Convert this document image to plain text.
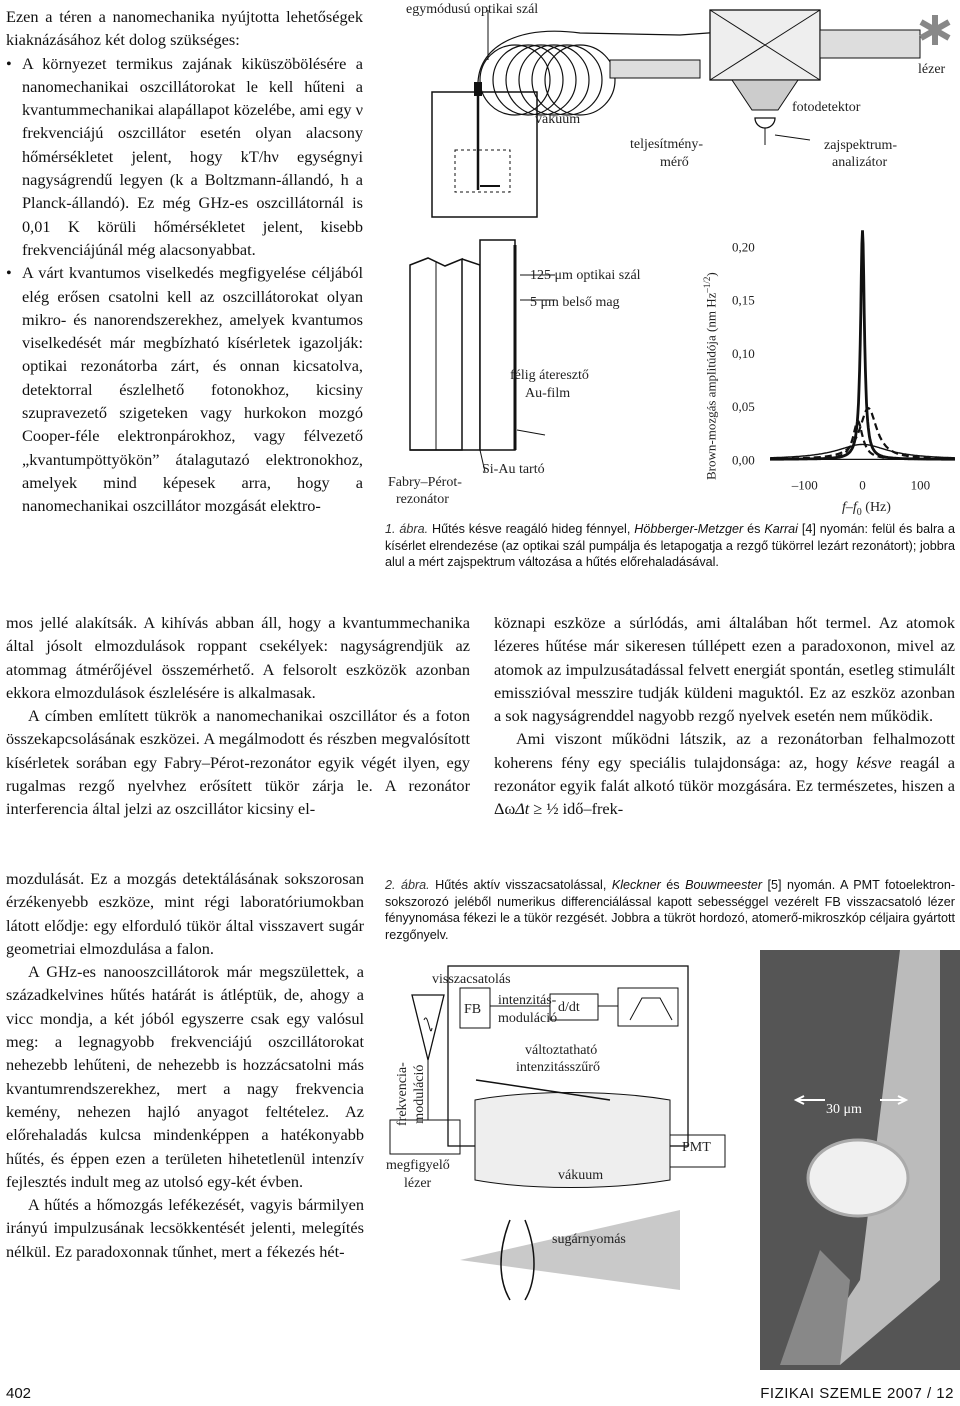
Ezen a téren a nanomechanika nyújtotta lehetőségek kiaknázásához két dolog szükséges:

• A környezet termikus zajának kiküszöbölésére a nanomechanikai oszcillátorokat le kell hűteni a kvantummechanikai alapállapot közelébe, ami egy ν frekvenciájú oszcillátor esetén olyan alacsony hőmérsékletet jelent, hogy kT/hν egységnyi nagyságrendű legyen (k a Boltzmann-állandó, h a Planck-állandó). Ez még GHz-es oszcillátornál is 0,01 K körüli hőmérsékletet jelent, kisebb frekvenciájúnál még alacsonyabbat.

• A várt kvantumos viselkedés megfigyelése céljából elég erősen csatolni kell az oszcillátorokat olyan mikro- és nanorendszerekhez, amelyek kvantumos viselkedését már megbízható kísérletek igazolják: optikai rezonátorba zárt, és onnan kicsatolva, detektorral észlelhető fotonokhoz, kicsiny szupravezető szigeteken vagy hurkokon mozgó Cooper-féle elektronpárokhoz, vagy félvezető „kvantumpöttyökön” átalagutazó elektronokhoz, amelyek mind képesek arra, hogy a nanomechanikai oszcillátor mozgását elektro-

mos jellé alakítsák. A kihívás abban áll, hogy a kvantummechanika által jósolt elmozdulások roppant csekélyek: nagyságrendjük az atommag átmérőjével összemérhető. A felsorolt eszközök azonban ekkora elmozdulások észlelésére is alkalmasak.

A címben említett tükrök a nanomechanikai oszcillátor és a foton összekapcsolásának eszközei. A megálmodott és részben megvalósított kísérletek sorában egy Fabry–Pérot-rezonátor egyik végét ilyen, egy rugalmas rezgő nyelvhez erősített tükör zárja le. A rezonátor interferencia által jelzi az oszcillátor kicsiny el-

mozdulását. Ez a mozgás detektálásának sokszorosan érzékenyebb eszköze, mint régi laboratóriumokban látott elődje: egy elforduló tükör által visszavert sugár geometriai elmozdulása a falon.

A GHz-es nanooszcillátorok már megszülettek, a századkelvines hűtés határát is átléptük, de, ahogy a vicc mondja, a két jóból egyszerre csak egy valósul meg: a legnagyobb frekvenciájú oszcillátorokat nehezebb lehűteni, de nehezebb is hozzácsatolni más kvantumrendszerekhez, mert a nagy frekvencia kemény, nehezen hajló anyagot feltételez. Az előrehaladás kulcsa mindenképpen a hatékonyabb hűtés, és éppen ezen a területen hihetetlenül intenzív fejlesztés indult meg az utolsó egy-két évben.

A hűtés a hőmozgás lefékezését, vagyis bármilyen irányú impulzusának lecsökkentését jelenti, melegítés nélkül. Ez paradoxonnak tűnhet, mert a fékezés hét-

köznapi eszköze a súrlódás, ami általában hőt termel. Az atomok lézeres hűtése már sikeresen túllépett ezen a paradoxonon, mivel az atomok az impulzusátadással felvett energiát spontán, esetleg stimulált emisszióval messzire tudják küldeni maguktól. Ez az eszköz azonban a sok nagyságrenddel nagyobb rezgő nyelvek esetén nem működik.

Ami viszont működni látszik, az a rezonátorban felhalmozott koherens fény egy speciális tulajdonsága: az, hogy késve reagál a rezonátor egyik falát alkotó tükör mozgására. Ez természetes, hiszen a ΔωΔt ≥ ½ idő–frek-

egymódusú optikai szál
vákuum
teljesítmény-
mérő
fotodetektor
lézer
zajspektrum-
analizátor
125 μm optikai szál
5 μm belső mag
félig áteresztő
Au-film
Si-Au tartó
Fabry–Pérot-
rezonátor
0,20
0,15
0,10
0,05
0,00
–100	0	100
Brown-mozgás amplitúdója (nm $Hz^{-1/2}$)
$f-f_0$ (Hz)
1. ábra. Hűtés késve reagáló hideg fénnyel, Höbberger-Metzger és Karrai [4] nyomán: felül és balra a kísérlet elrendezése (az optikai szál pumpálja és letapogatja a rezgő tükörrel lezárt rezonátort); jobbra alul a mért zajspektrum változása a hűtés előrehaladásával.
2. ábra. Hűtés aktív visszacsatolással, Kleckner és Bouwmeester [5] nyomán. A PMT fotoelektron-sokszorozó jeléből numerikus differenciálással kapott sebességgel vezérelt FB visszacsatoló lézer fényynomása fékezi le a tükör rezgését. Jobbra a tükröt hordozó, atomerő-mikroszkóp céljaira gyártott rezgőnyelv.
visszacsatolás
FB
intenzitás-
moduláció
d/dt
változtatható
intenzitásszűrő
frekvencia- moduláció
PMT
vákuum
megfigyelő
lézer
sugárnyomás
30 μm
402	FIZIKAI SZEMLE 2007 / 12
